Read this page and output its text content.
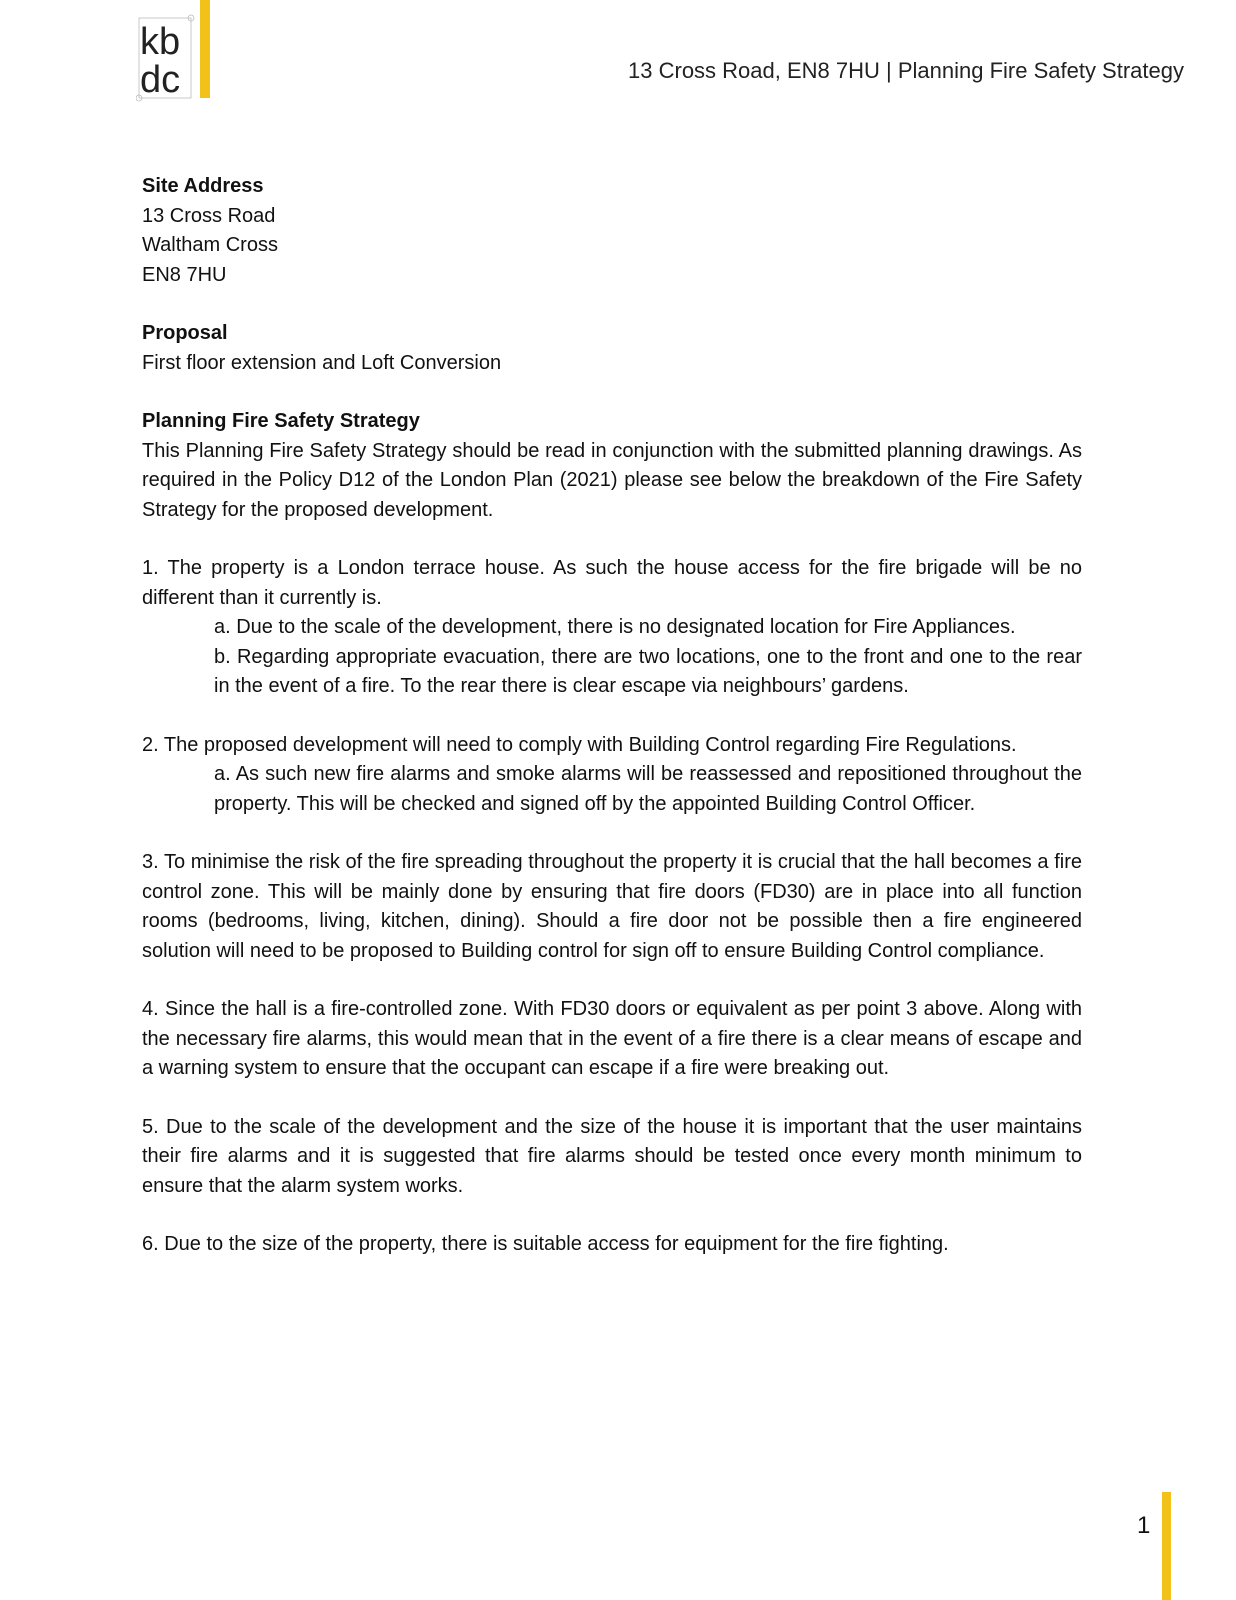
kb
dc	13 Cross Road, EN8 7HU | Planning Fire Safety Strategy
Site Address
13 Cross Road
Waltham Cross
EN8 7HU
Proposal
First floor extension and Loft Conversion
Planning Fire Safety Strategy

This Planning Fire Safety Strategy should be read in conjunction with the submitted planning drawings. As required in the Policy D12 of the London Plan (2021) please see below the breakdown of the Fire Safety Strategy for the proposed development.

1. The property is a London terrace house. As such the house access for the fire brigade will be no different than it currently is.
a. Due to the scale of the development, there is no designated location for Fire Appliances.
b. Regarding appropriate evacuation, there are two locations, one to the front and one to the rear in the event of a fire. To the rear there is clear escape via neighbours’ gardens.
2. The proposed development will need to comply with Building Control regarding Fire Regulations.
a. As such new fire alarms and smoke alarms will be reassessed and repositioned throughout the property. This will be checked and signed off by the appointed Building Control Officer.

3. To minimise the risk of the fire spreading throughout the property it is crucial that the hall becomes a fire control zone. This will be mainly done by ensuring that fire doors (FD30) are in place into all function rooms (bedrooms, living, kitchen, dining). Should a fire door not be possible then a fire engineered solution will need to be proposed to Building control for sign off to ensure Building Control compliance.

4. Since the hall is a fire-controlled zone. With FD30 doors or equivalent as per point 3 above. Along with the necessary fire alarms, this would mean that in the event of a fire there is a clear means of escape and a warning system to ensure that the occupant can escape if a fire were breaking out.

5. Due to the scale of the development and the size of the house it is important that the user maintains their fire alarms and it is suggested that fire alarms should be tested once every month minimum to ensure that the alarm system works.

6. Due to the size of the property, there is suitable access for equipment for the fire fighting.

1
